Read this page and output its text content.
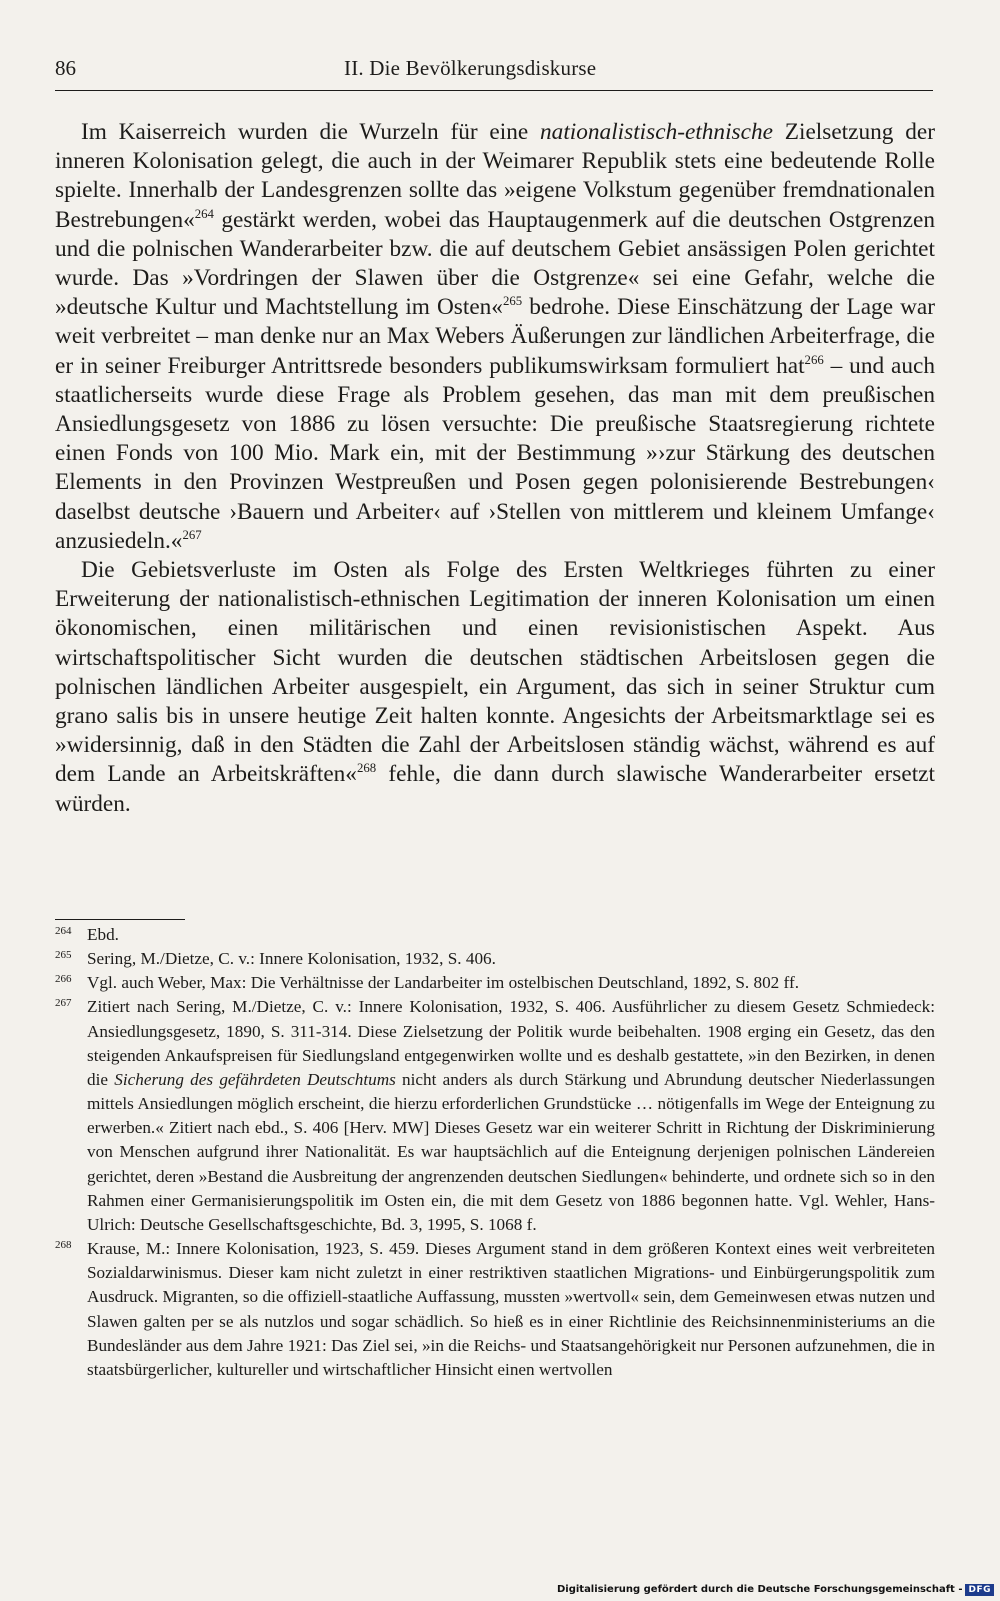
86	II. Die Bevölkerungsdiskurse

Im Kaiserreich wurden die Wurzeln für eine nationalistisch-ethnische Zielsetzung der inneren Kolonisation gelegt, die auch in der Weimarer Republik stets eine bedeutende Rolle spielte. Innerhalb der Landesgrenzen sollte das »eigene Volkstum gegenüber fremdnationalen Bestrebungen«$^{264}$ gestärkt werden, wobei das Hauptaugenmerk auf die deutschen Ostgrenzen und die polnischen Wanderarbeiter bzw. die auf deutschem Gebiet ansässigen Polen gerichtet wurde. Das »Vordringen der Slawen über die Ostgrenze« sei eine Gefahr, welche die »deutsche Kultur und Machtstellung im Osten«$^{265}$ bedrohe. Diese Einschätzung der Lage war weit verbreitet – man denke nur an Max Webers Äußerungen zur ländlichen Arbeiterfrage, die er in seiner Freiburger Antrittsrede besonders publikumswirksam formuliert hat$^{266}$ – und auch staatlicherseits wurde diese Frage als Problem gesehen, das man mit dem preußischen Ansiedlungsgesetz von 1886 zu lösen versuchte: Die preußische Staatsregierung richtete einen Fonds von 100 Mio. Mark ein, mit der Bestimmung »›zur Stärkung des deutschen Elements in den Provinzen Westpreußen und Posen gegen polonisierende Bestrebungen‹ daselbst deutsche ›Bauern und Arbeiter‹ auf ›Stellen von mittlerem und kleinem Umfange‹ anzusiedeln.«$^{267}$

Die Gebietsverluste im Osten als Folge des Ersten Weltkrieges führten zu einer Erweiterung der nationalistisch-ethnischen Legitimation der inneren Kolonisation um einen ökonomischen, einen militärischen und einen revisionistischen Aspekt. Aus wirtschaftspolitischer Sicht wurden die deutschen städtischen Arbeitslosen gegen die polnischen ländlichen Arbeiter ausgespielt, ein Argument, das sich in seiner Struktur cum grano salis bis in unsere heutige Zeit halten konnte. Angesichts der Arbeitsmarktlage sei es »widersinnig, daß in den Städten die Zahl der Arbeitslosen ständig wächst, während es auf dem Lande an Arbeitskräften«$^{268}$ fehle, die dann durch slawische Wanderarbeiter ersetzt würden.

264 Ebd.
265 Sering, M./Dietze, C. v.: Innere Kolonisation, 1932, S. 406.
266 Vgl. auch Weber, Max: Die Verhältnisse der Landarbeiter im ostelbischen Deutschland, 1892, S. 802 ff.
267 Zitiert nach Sering, M./Dietze, C. v.: Innere Kolonisation, 1932, S. 406. Ausführlicher zu diesem Gesetz Schmiedeck: Ansiedlungsgesetz, 1890, S. 311-314. Diese Zielsetzung der Politik wurde beibehalten. 1908 erging ein Gesetz, das den steigenden Ankaufspreisen für Siedlungsland entgegenwirken wollte und es deshalb gestattete, »in den Bezirken, in denen die Sicherung des gefährdeten Deutschtums nicht anders als durch Stärkung und Abrundung deutscher Niederlassungen mittels Ansiedlungen möglich erscheint, die hierzu erforderlichen Grundstücke … nötigenfalls im Wege der Enteignung zu erwerben.« Zitiert nach ebd., S. 406 [Herv. MW] Dieses Gesetz war ein weiterer Schritt in Richtung der Diskriminierung von Menschen aufgrund ihrer Nationalität. Es war hauptsächlich auf die Enteignung derjenigen polnischen Ländereien gerichtet, deren »Bestand die Ausbreitung der angrenzenden deutschen Siedlungen« behinderte, und ordnete sich so in den Rahmen einer Germanisierungspolitik im Osten ein, die mit dem Gesetz von 1886 begonnen hatte. Vgl. Wehler, Hans-Ulrich: Deutsche Gesellschaftsgeschichte, Bd. 3, 1995, S. 1068 f.
268 Krause, M.: Innere Kolonisation, 1923, S. 459. Dieses Argument stand in dem größeren Kontext eines weit verbreiteten Sozialdarwinismus. Dieser kam nicht zuletzt in einer restriktiven staatlichen Migrations- und Einbürgerungspolitik zum Ausdruck. Migranten, so die offiziell-staatliche Auffassung, mussten »wertvoll« sein, dem Gemeinwesen etwas nutzen und Slawen galten per se als nutzlos und sogar schädlich. So hieß es in einer Richtlinie des Reichsinnenministeriums an die Bundesländer aus dem Jahre 1921: Das Ziel sei, »in die Reichs- und Staatsangehörigkeit nur Personen aufzunehmen, die in staatsbürgerlicher, kultureller und wirtschaftlicher Hinsicht einen wertvollen
Digitalisierung gefördert durch die Deutsche Forschungsgemeinschaft - DFG
